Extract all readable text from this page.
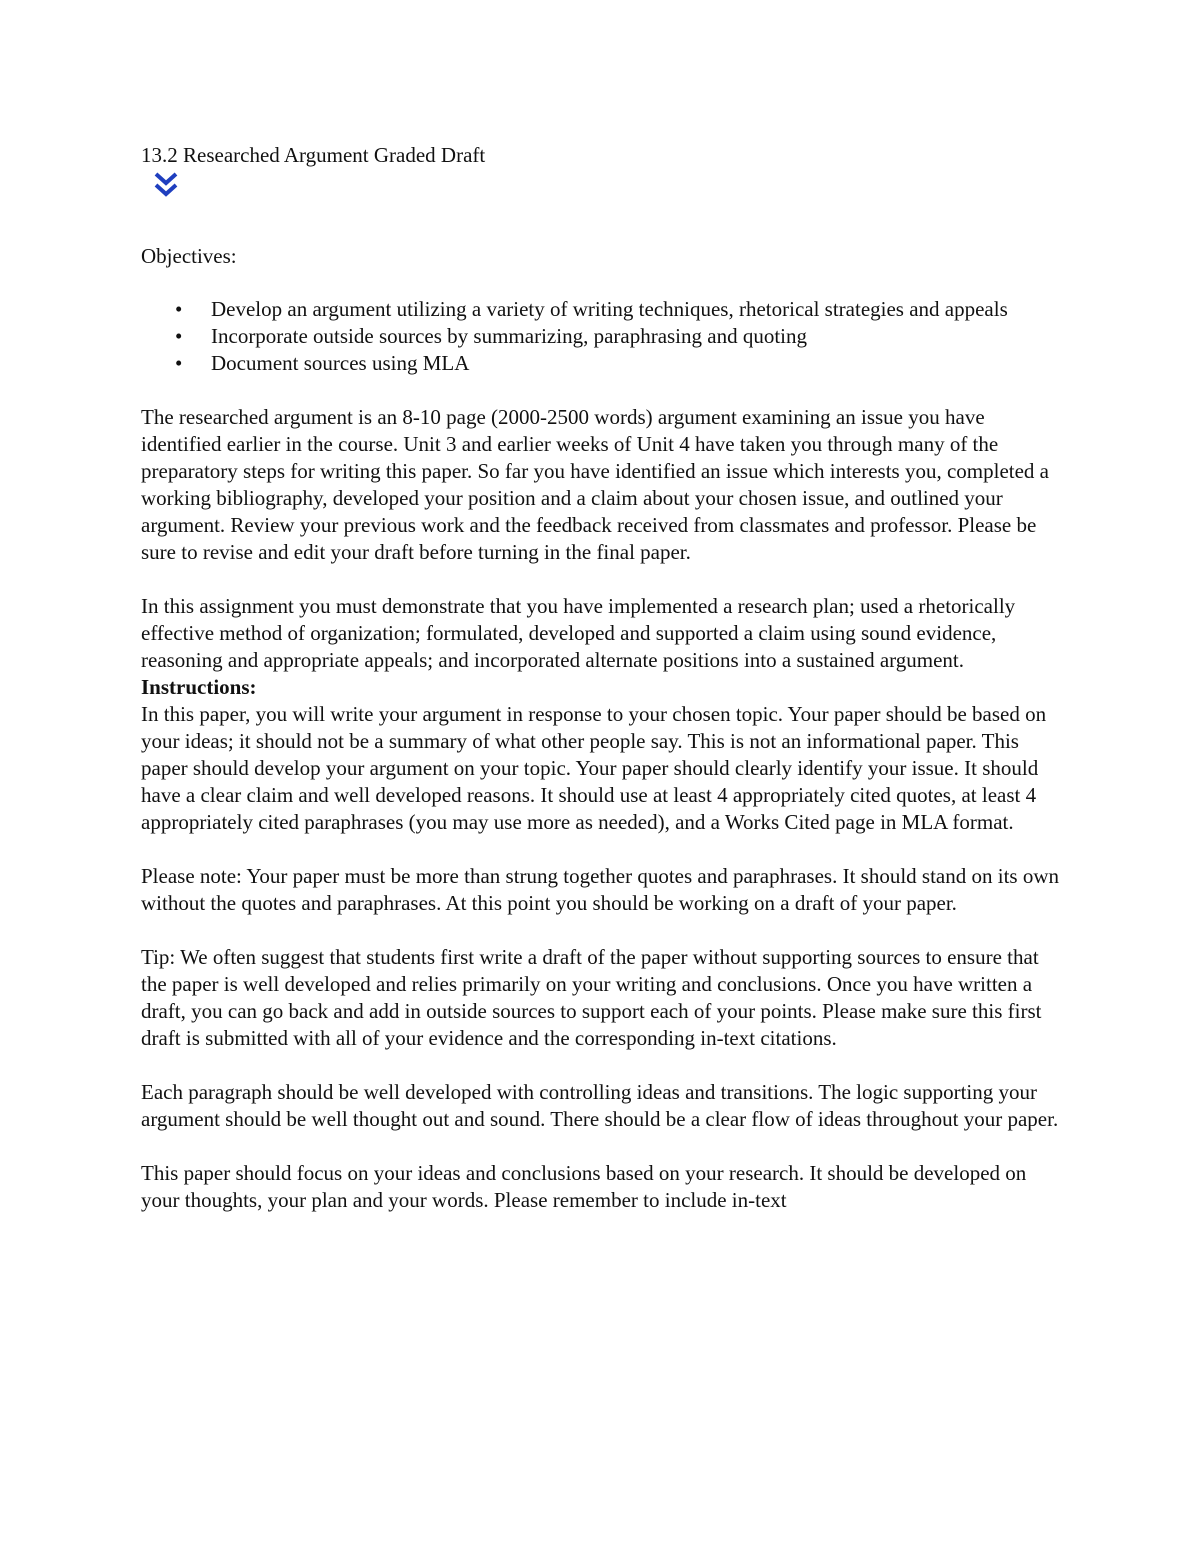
13.2 Researched Argument Graded Draft

Objectives:

• Develop an argument utilizing a variety of writing techniques, rhetorical strategies and appeals
• Incorporate outside sources by summarizing, paraphrasing and quoting
• Document sources using MLA

The researched argument is an 8-10 page (2000-2500 words) argument examining an issue you have identified earlier in the course. Unit 3 and earlier weeks of Unit 4 have taken you through many of the preparatory steps for writing this paper. So far you have identified an issue which interests you, completed a working bibliography, developed your position and a claim about your chosen issue, and outlined your argument. Review your previous work and the feedback received from classmates and professor. Please be sure to revise and edit your draft before turning in the final paper.

In this assignment you must demonstrate that you have implemented a research plan; used a rhetorically effective method of organization; formulated, developed and supported a claim using sound evidence, reasoning and appropriate appeals; and incorporated alternate positions into a sustained argument.

Instructions:

In this paper, you will write your argument in response to your chosen topic. Your paper should be based on your ideas; it should not be a summary of what other people say. This is not an informational paper. This paper should develop your argument on your topic. Your paper should clearly identify your issue. It should have a clear claim and well developed reasons. It should use at least 4 appropriately cited quotes, at least 4 appropriately cited paraphrases (you may use more as needed), and a Works Cited page in MLA format.

Please note: Your paper must be more than strung together quotes and paraphrases. It should stand on its own without the quotes and paraphrases. At this point you should be working on a draft of your paper.

Tip: We often suggest that students first write a draft of the paper without supporting sources to ensure that the paper is well developed and relies primarily on your writing and conclusions. Once you have written a draft, you can go back and add in outside sources to support each of your points. Please make sure this first draft is submitted with all of your evidence and the corresponding in-text citations.

Each paragraph should be well developed with controlling ideas and transitions. The logic supporting your argument should be well thought out and sound. There should be a clear flow of ideas throughout your paper.

This paper should focus on your ideas and conclusions based on your research. It should be developed on your thoughts, your plan and your words. Please remember to include in-text
